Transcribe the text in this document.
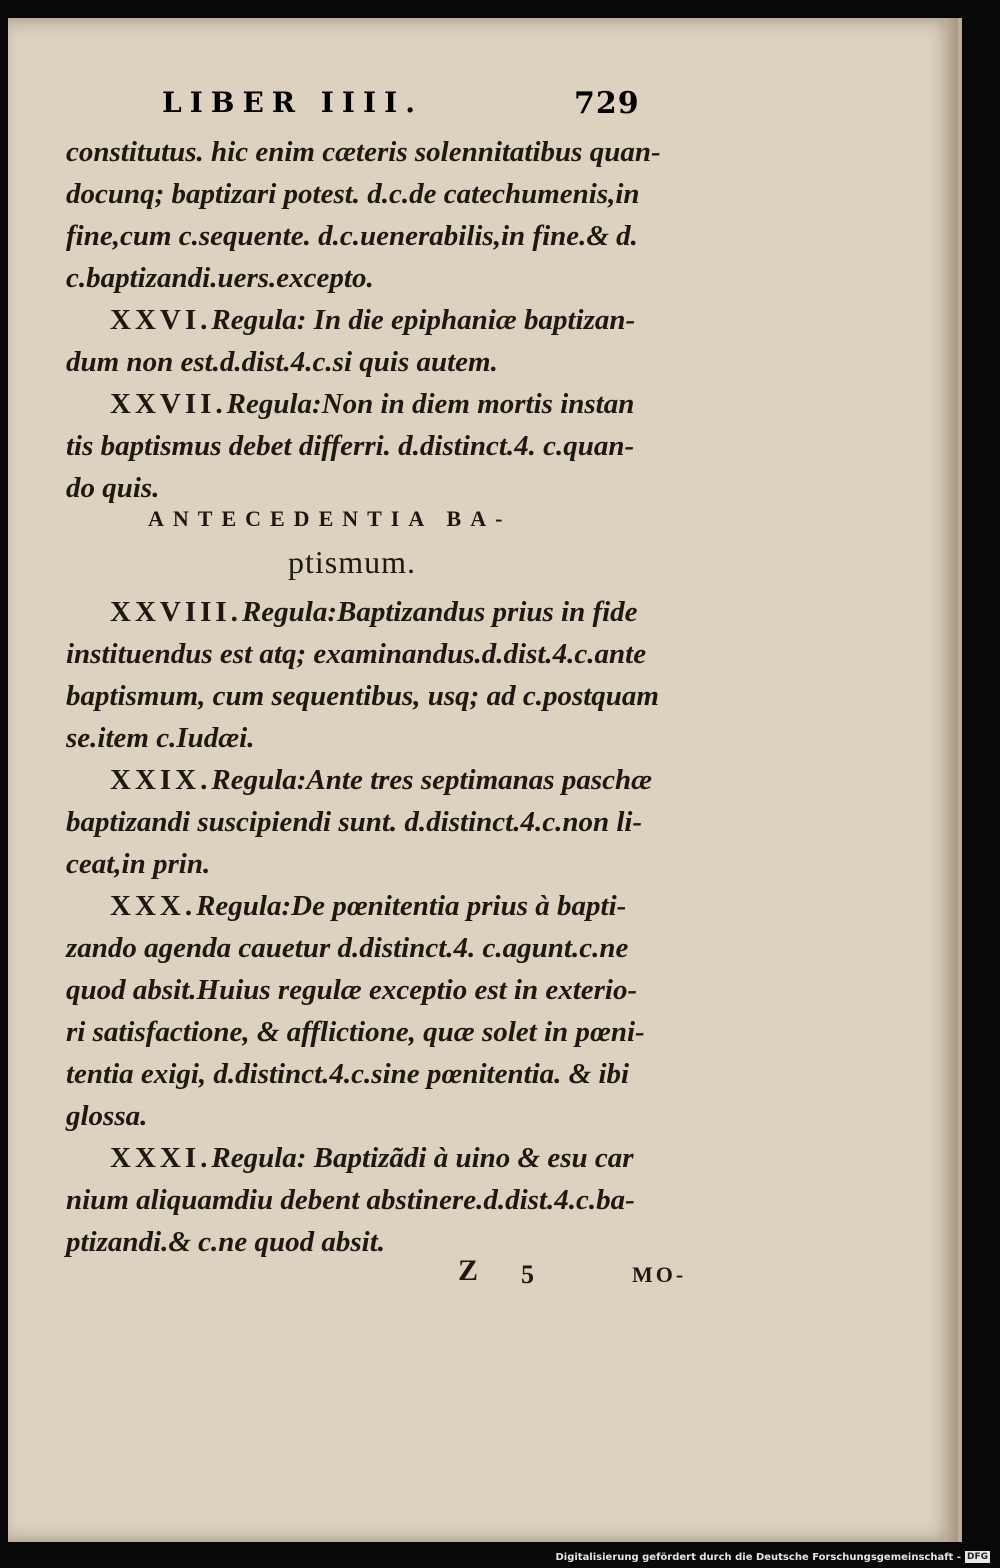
LIBER IIII.	729
constitutus. hic enim cæteris solennitatibus quan-
docunq; baptizari potest. d.c.de catechumenis,in
fine,cum c.sequente. d.c.uenerabilis,in fine.& d.
c.baptizandi.uers.excepto.
XXVI.Regula: In die epiphaniæ baptizan-
dum non est.d.dist.4.c.si quis autem.
XXVII.Regula:Non in diem mortis instan
tis baptismus debet differri. d.distinct.4. c.quan-
do quis.
ANTECEDENTIA BA-
ptismum.
XXVIII.Regula:Baptizandus prius in fide
instituendus est atq; examinandus.d.dist.4.c.ante
baptismum, cum sequentibus, usq; ad c.postquam
se.item c.Iudæi.
XXIX.Regula:Ante tres septimanas paschæ
baptizandi suscipiendi sunt. d.distinct.4.c.non li-
ceat,in prin.
XXX.Regula:De pœnitentia prius à bapti-
zando agenda cauetur d.distinct.4. c.agunt.c.ne
quod absit.Huius regulæ exceptio est in exterio-
ri satisfactione, & afflictione, quæ solet in pœni-
tentia exigi, d.distinct.4.c.sine pœnitentia. & ibi
glossa.
XXXI.Regula: Baptizãdi à uino & esu car
nium aliquamdiu debent abstinere.d.dist.4.c.ba-
ptizandi.& c.ne quod absit.
Z 5	MO-
Digitalisierung gefördert durch die Deutsche Forschungsgemeinschaft - DFG
